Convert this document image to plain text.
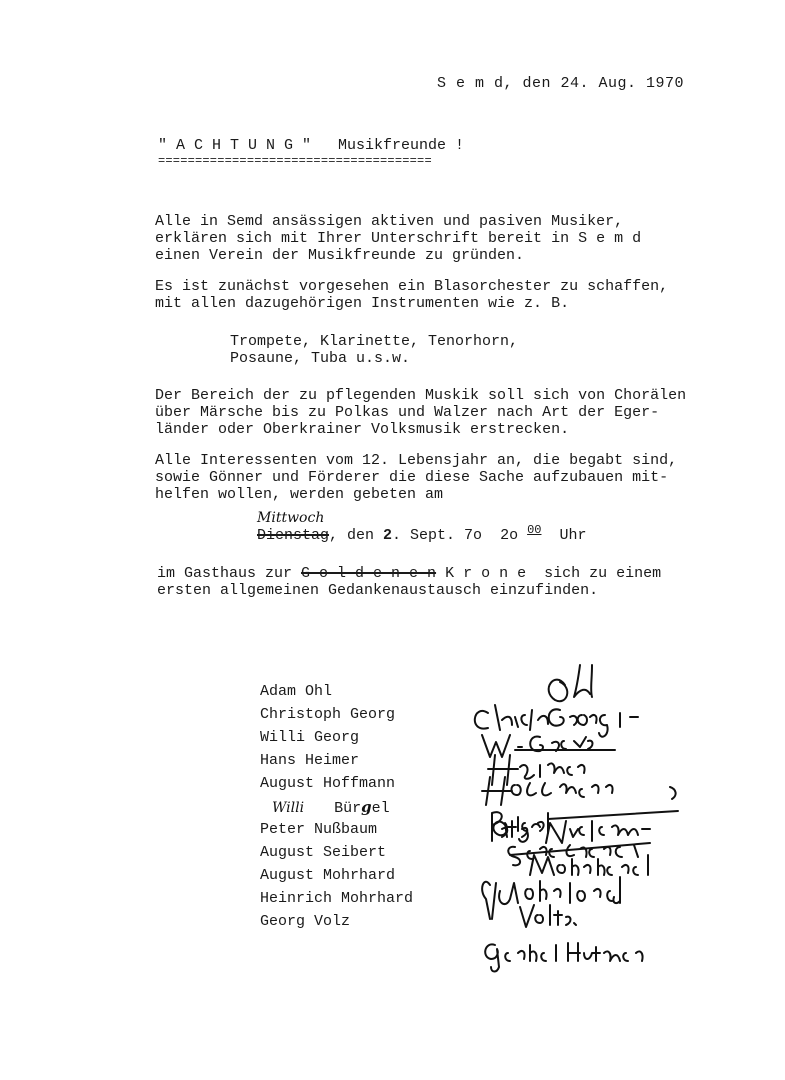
S e m d, den 24. Aug. 1970
" A C H T U N G "   Musikfreunde !
=====================================
Alle in Semd ansässigen aktiven und pasiven Musiker,
erklären sich mit Ihrer Unterschrift bereit in S e m d
einen Verein der Musikfreunde zu gründen.
Es ist zunächst vorgesehen ein Blasorchester zu schaffen,
mit allen dazugehörigen Instrumenten wie z. B.
Trompete, Klarinette, Tenorhorn,
Posaune, Tuba u.s.w.
Der Bereich der zu pflegenden Muskik soll sich von Chorälen
über Märsche bis zu Polkas und Walzer nach Art der Eger-
länder oder Oberkrainer Volksmusik erstrecken.
Alle Interessenten vom 12. Lebensjahr an, die begabt sind,
sowie Gönner und Förderer die diese Sache aufzubauen mit-
helfen wollen, werden gebeten am
Mittwoch
Dienstag, den 2. Sept. 7o  2o $^{00}$  Uhr
im Gasthaus zur G o l d e n e n K r o n e  sich zu einem
ersten allgemeinen Gedankenaustausch einzufinden.
Adam Ohl
Christoph Georg
Willi Georg
Hans Heimer
August Hoffmann
Willi Bürgel
Peter Nußbaum
August Seibert
August Mohrhard
Heinrich Mohrhard
Georg Volz
